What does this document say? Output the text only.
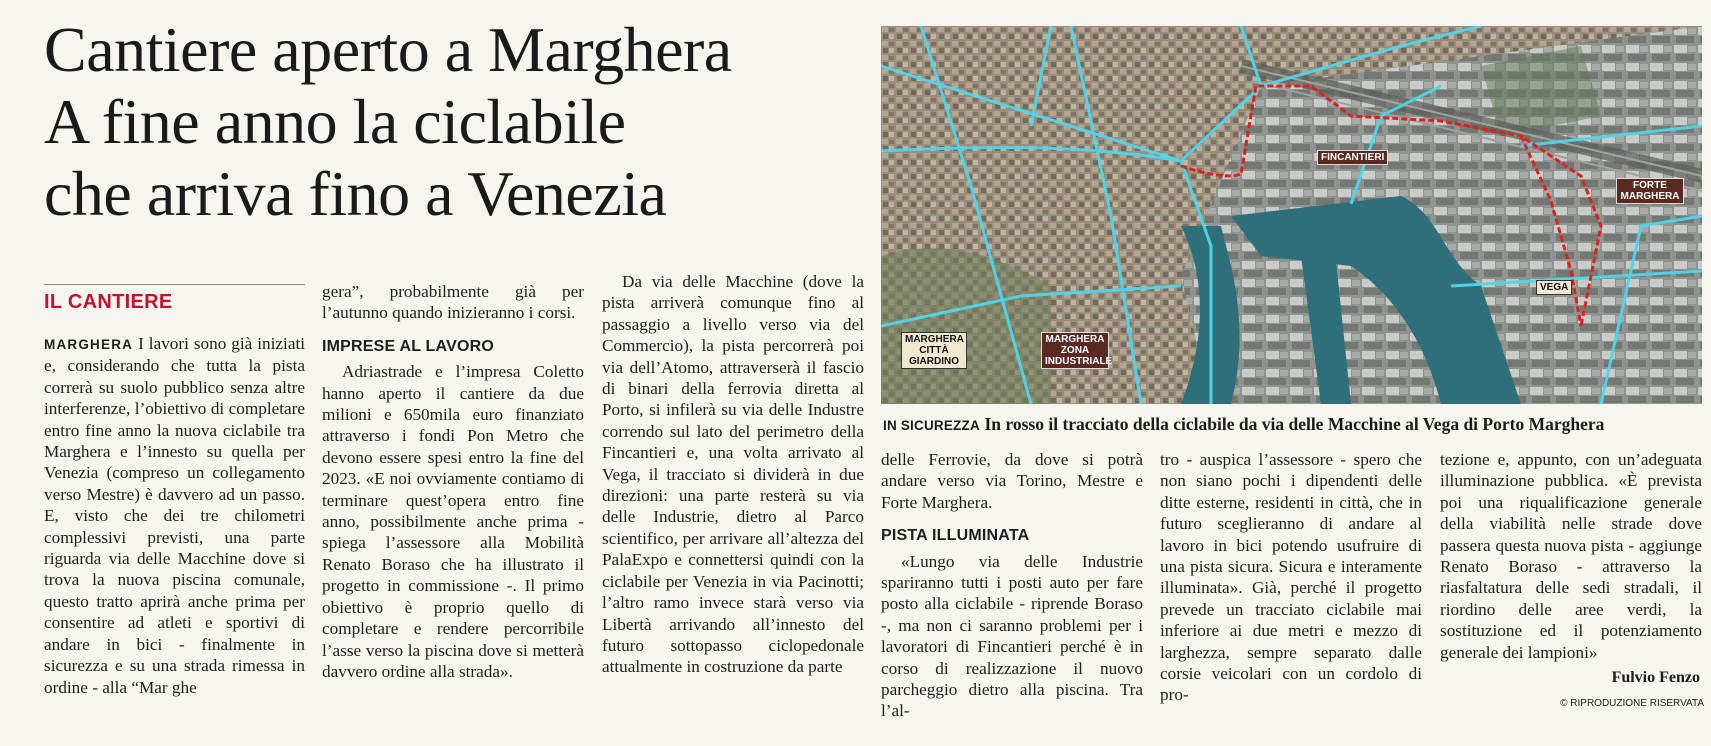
Cantiere aperto a Marghera
A fine anno la ciclabile
che arriva fino a Venezia
FINCANTIERI
FORTE MARGHERA
VEGA
MARGHERA CITTÀ GIARDINO
MARGHERA ZONA INDUSTRIALE
IN SICUREZZA In rosso il tracciato della ciclabile da via delle Macchine al Vega di Porto Marghera
IL CANTIERE

MARGHERA I lavori sono già iniziati e, considerando che tutta la pista correrà su suolo pubblico senza altre interferenze, l’obiettivo di completare entro fine anno la nuova ciclabile tra Marghera e l’innesto su quella per Venezia (compreso un collegamento verso Mestre) è davvero ad un passo. E, visto che dei tre chilometri complessivi previsti, una parte riguarda via delle Macchine dove si trova la nuova piscina comunale, questo tratto aprirà anche prima per consentire ad atleti e sportivi di andare in bici - finalmente in sicurezza e su una strada rimessa in ordine - alla “Mar ghe

gera”, probabilmente già per l’autunno quando inizieranno i corsi.

IMPRESE AL LAVORO

Adriastrade e l’impresa Coletto hanno aperto il cantiere da due milioni e 650mila euro finanziato attraverso i fondi Pon Metro che devono essere spesi entro la fine del 2023. «E noi ovviamente contiamo di terminare quest’opera entro fine anno, possibilmente anche prima - spiega l’assessore alla Mobilità Renato Boraso che ha illustrato il progetto in commissione -. Il primo obiettivo è proprio quello di completare e rendere percorribile l’asse verso la piscina dove si metterà davvero ordine alla strada».

Da via delle Macchine (dove la pista arriverà comunque fino al passaggio a livello verso via del Commercio), la pista percorrerà poi via dell’Atomo, attraverserà il fascio di binari della ferrovia diretta al Porto, si infilerà su via delle Industre correndo sul lato del perimetro della Fincantieri e, una volta arrivato al Vega, il tracciato si dividerà in due direzioni: una parte resterà su via delle Industrie, dietro al Parco scientifico, per arrivare all’altezza del PalaExpo e connettersi quindi con la ciclabile per Venezia in via Pacinotti; l’altro ramo invece starà verso via Libertà arrivando all’innesto del futuro sottopasso ciclopedonale attualmente in costruzione da parte

delle Ferrovie, da dove si potrà andare verso via Torino, Mestre e Forte Marghera.

PISTA ILLUMINATA

«Lungo via delle Industrie spariranno tutti i posti auto per fare posto alla ciclabile - riprende Boraso -, ma non ci saranno problemi per i lavoratori di Fincantieri perché è in corso di realizzazione il nuovo parcheggio dietro alla piscina. Tra l’al-

tro - auspica l’assessore - spero che non siano pochi i dipendenti delle ditte esterne, residenti in città, che in futuro sceglieranno di andare al lavoro in bici potendo usufruire di una pista sicura. Sicura e interamente illuminata». Già, perché il progetto prevede un tracciato ciclabile mai inferiore ai due metri e mezzo di larghezza, sempre separato dalle corsie veicolari con un cordolo di pro-

tezione e, appunto, con un’adeguata illuminazione pubblica. «È prevista poi una riqualificazione generale della viabilità nelle strade dove passera questa nuova pista - aggiunge Renato Boraso - attraverso la riasfaltatura delle sedi stradali, il riordino delle aree verdi, la sostituzione ed il potenziamento generale dei lampioni»

Fulvio Fenzo
© RIPRODUZIONE RISERVATA
